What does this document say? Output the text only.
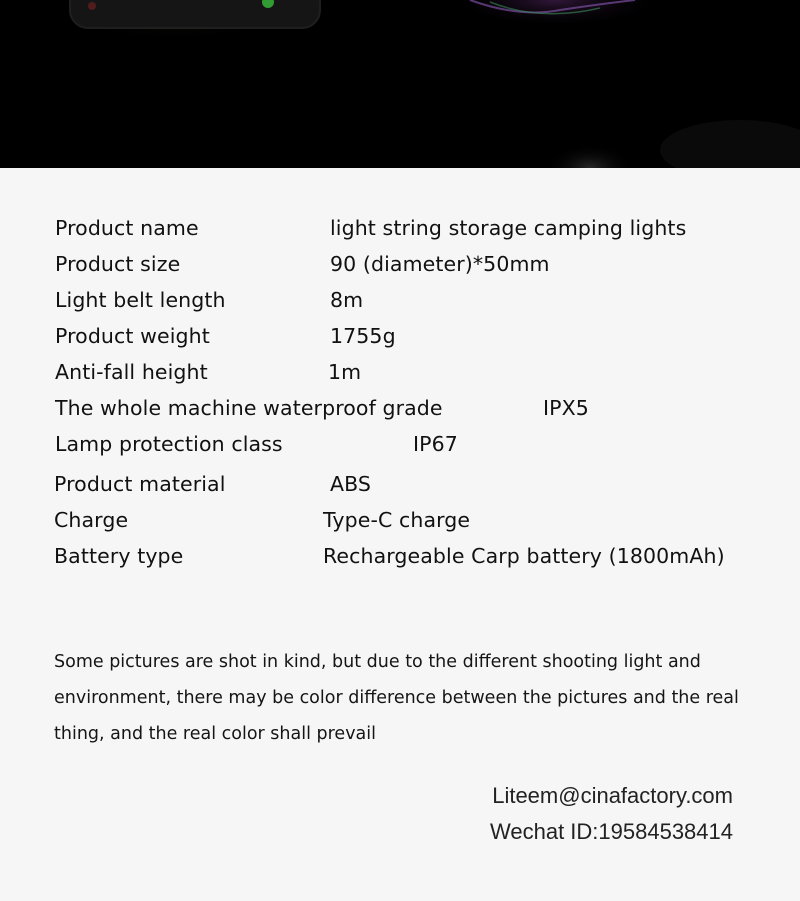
Product name	light string storage camping lights
Product size	90 (diameter)*50mm
Light belt length	8m
Product weight	1755g
Anti-fall height	1m
The whole machine waterproof grade	IPX5
Lamp protection class	IP67
Product material	ABS
Charge	Type-C charge
Battery type	Rechargeable Carp battery (1800mAh)
Some pictures are shot in kind, but due to the different shooting light and environment, there may be color difference between the pictures and the real thing, and the real color shall prevail
Liteem@cinafactory.com
Wechat ID:19584538414
